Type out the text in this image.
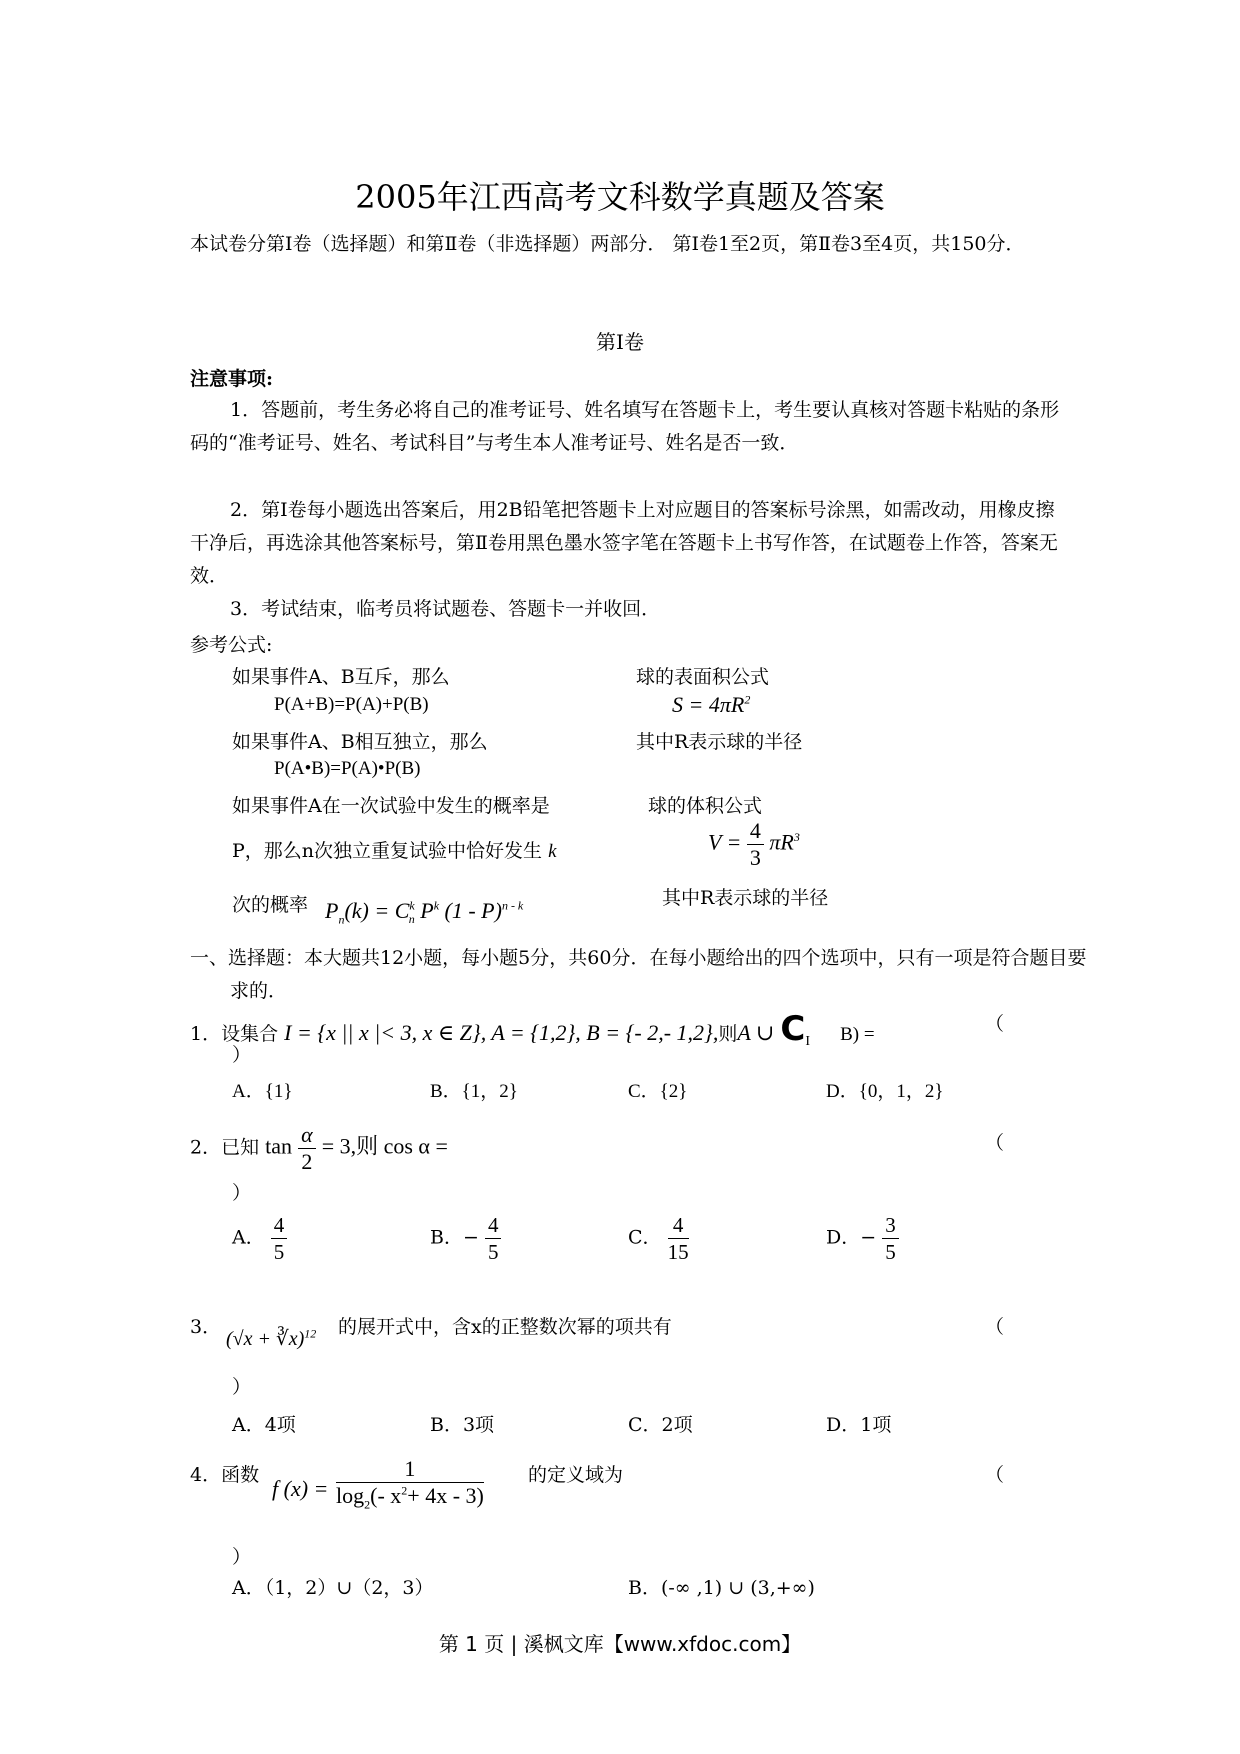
2005年江西高考文科数学真题及答案
本试卷分第Ⅰ卷（选择题）和第Ⅱ卷（非选择题）两部分． 第Ⅰ卷1至2页，第Ⅱ卷3至4页，共150分．
第Ⅰ卷
注意事项:
1．答题前，考生务必将自己的准考证号、姓名填写在答题卡上，考生要认真核对答题卡粘贴的条形码的“准考证号、姓名、考试科目”与考生本人准考证号、姓名是否一致．
2．第Ⅰ卷每小题选出答案后，用2B铅笔把答题卡上对应题目的答案标号涂黑，如需改动，用橡皮擦干净后，再选涂其他答案标号，第Ⅱ卷用黑色墨水签字笔在答题卡上书写作答，在试题卷上作答，答案无效．
3．考试结束，临考员将试题卷、答题卡一并收回．
参考公式:
如果事件A、B互斥，那么
P(A+B)=P(A)+P(B)
如果事件A、B相互独立，那么
P(A•B)=P(A)•P(B)
如果事件A在一次试验中发生的概率是
P，那么n次独立重复试验中恰好发生 k
次的概率 $P_n(k) = C^k_n$ $P^k$ (1 - P)$^{n - k}$
球的表面积公式
$S = 4\pi R^2$
其中R表示球的半径
球的体积公式
$V = \frac{4}{3} \pi R^3$
其中R表示球的半径
一、选择题：本大题共12小题，每小题5分，共60分．在每小题给出的四个选项中，只有一项是符合题目要求的．
1．设集合 I = {x || x |< 3, x ∈ Z}, A = {1,2}, B = {- 2,- 1,2},则A ∪ $C_I$ B) =	（
）
A．{1}	B．{1，2}	C．{2}	D．{0，1，2}
2．已知 $\tan \frac{\alpha}{2} = 3$,则 cos α =	（
）
A． $\frac{4}{5}$	B．− $\frac{4}{5}$	C． $\frac{4}{15}$	D．− $\frac{3}{5}$
3．
(√x + ∛x)$^{12}$ 的展开式中，含x的正整数次幂的项共有	（
）
A．4项	B．3项	C．2项	D．1项
4．函数
f $(x) = \frac{1}{\log_2(- x^2+ 4x - 3)}$ 的定义域为	（
）
A．（1，2）∪（2，3）	B．(-∞ ,1) ∪ (3,+∞)
第 1 页 | 溪枫文库【www.xfdoc.com】
